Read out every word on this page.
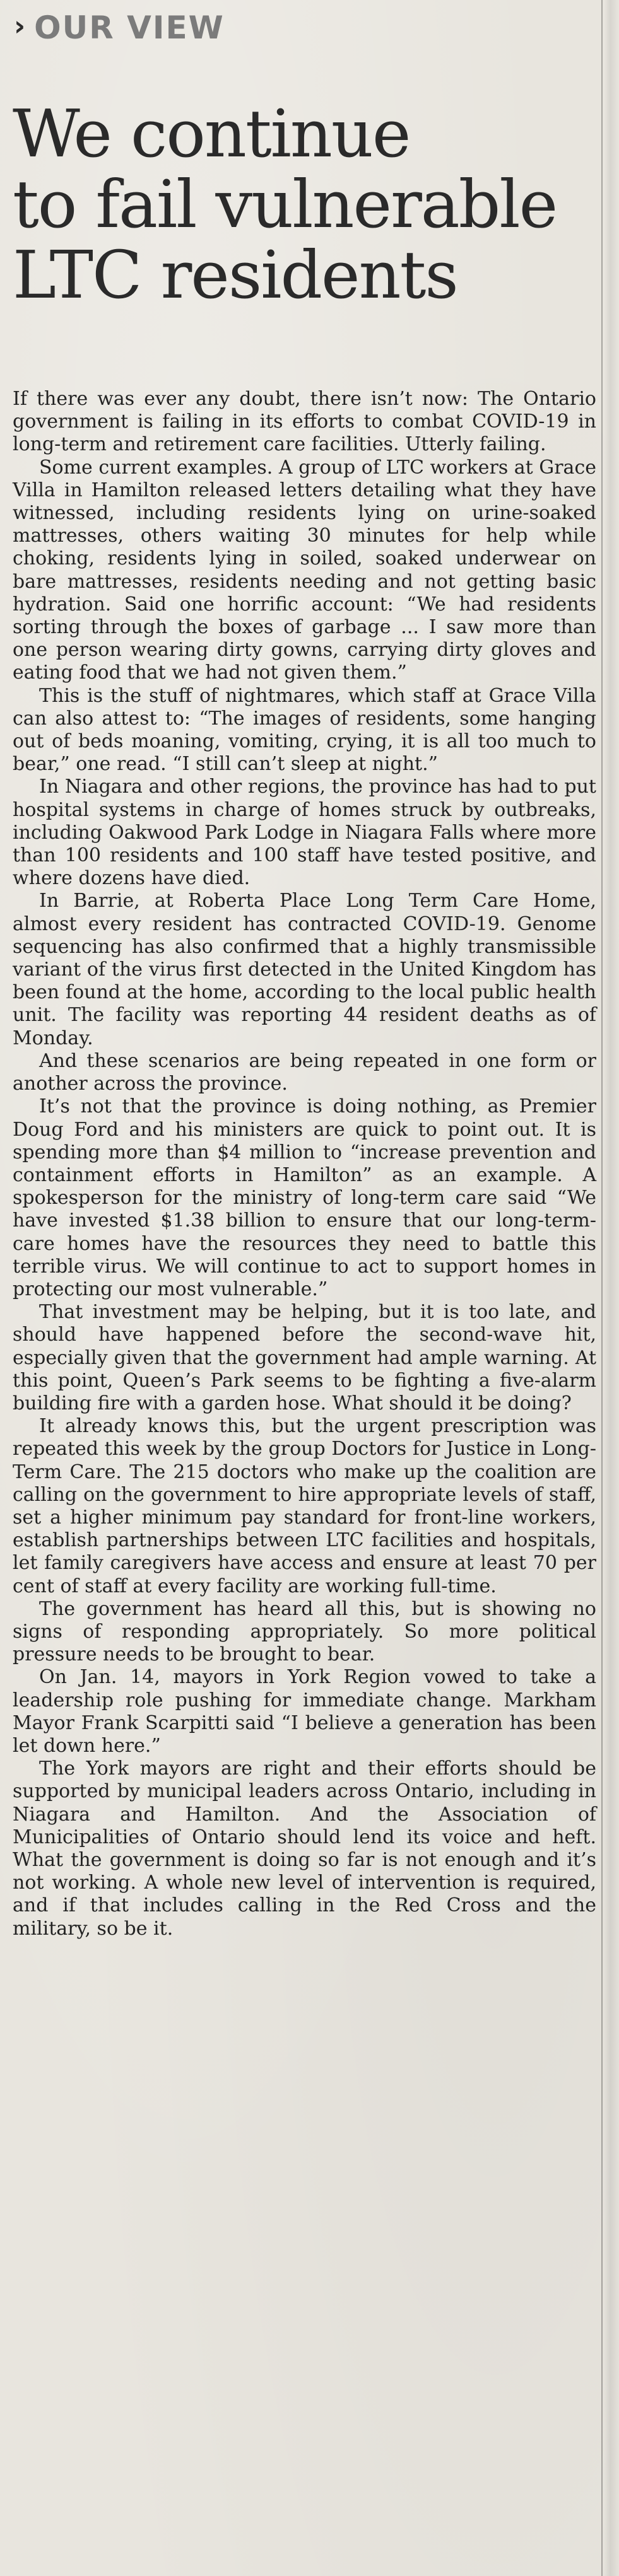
› OUR VIEW
We continue
to fail vulnerable
LTC residents

If there was ever any doubt, there isn’t now: The Ontario government is failing in its efforts to combat COVID-19 in long-term and retirement care facilities. Utterly failing.

Some current examples. A group of LTC workers at Grace Villa in Hamilton released letters detailing what they have witnessed, including residents lying on urine-soaked mattresses, others waiting 30 minutes for help while choking, residents lying in soiled, soaked underwear on bare mattresses, residents needing and not getting basic hydration. Said one horrific account: “We had residents sorting through the boxes of garbage ... I saw more than one person wearing dirty gowns, carrying dirty gloves and eating food that we had not given them.”

This is the stuff of nightmares, which staff at Grace Villa can also attest to: “The images of residents, some hanging out of beds moaning, vomiting, crying, it is all too much to bear,” one read. “I still can’t sleep at night.”

In Niagara and other regions, the province has had to put hospital systems in charge of homes struck by outbreaks, including Oakwood Park Lodge in Niagara Falls where more than 100 residents and 100 staff have tested positive, and where dozens have died.

In Barrie, at Roberta Place Long Term Care Home, almost every resident has contracted COVID-19. Genome sequencing has also confirmed that a highly transmissible variant of the virus first detected in the United Kingdom has been found at the home, according to the local public health unit. The facility was reporting 44 resident deaths as of Monday.

And these scenarios are being repeated in one form or another across the province.

It’s not that the province is doing nothing, as Premier Doug Ford and his ministers are quick to point out. It is spending more than $4 million to “increase prevention and containment efforts in Hamilton” as an example. A spokesperson for the ministry of long-term care said “We have invested $1.38 billion to ensure that our long-term-care homes have the resources they need to battle this terrible virus. We will continue to act to support homes in protecting our most vulnerable.”

That investment may be helping, but it is too late, and should have happened before the second-wave hit, especially given that the government had ample warning. At this point, Queen’s Park seems to be fighting a five-alarm building fire with a garden hose. What should it be doing?

It already knows this, but the urgent prescription was repeated this week by the group Doctors for Justice in Long-Term Care. The 215 doctors who make up the coalition are calling on the government to hire appropriate levels of staff, set a higher minimum pay standard for front-line workers, establish partnerships between LTC facilities and hospitals, let family caregivers have access and ensure at least 70 per cent of staff at every facility are working full-time.

The government has heard all this, but is showing no signs of responding appropriately. So more political pressure needs to be brought to bear.

On Jan. 14, mayors in York Region vowed to take a leadership role pushing for immediate change. Markham Mayor Frank Scarpitti said “I believe a generation has been let down here.”

The York mayors are right and their efforts should be supported by municipal leaders across Ontario, including in Niagara and Hamilton. And the Association of Municipalities of Ontario should lend its voice and heft. What the government is doing so far is not enough and it’s not working. A whole new level of intervention is required, and if that includes calling in the Red Cross and the military, so be it.
